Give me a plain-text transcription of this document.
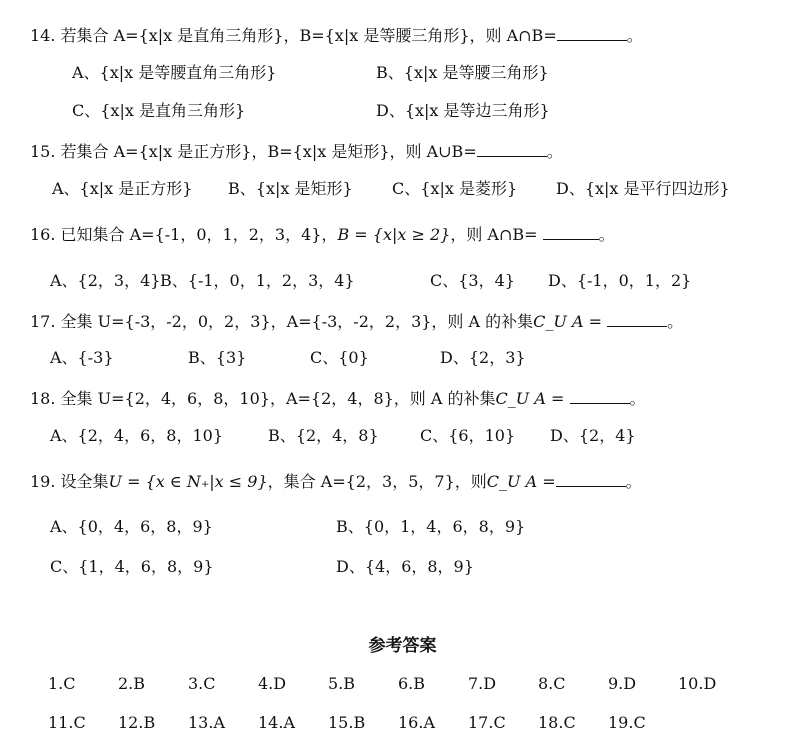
14. 若集合 A={x|x 是直角三角形}，B={x|x 是等腰三角形}，则 A∩B=	。
A、{x|x 是等腰直角三角形}	B、{x|x 是等腰三角形}
C、{x|x 是直角三角形}	D、{x|x 是等边三角形}
15. 若集合 A={x|x 是正方形}，B={x|x 是矩形}，则 A∪B=	。
A、{x|x 是正方形} B、{x|x 是矩形} C、{x|x 是菱形} D、{x|x 是平行四边形}
16. 已知集合 A={-1，0，1，2，3，4}，B = {x|x ≥ 2}，则 A∩B=	。
A、{2，3，4} B、{-1，0，1，2，3，4}	C、{3，4} D、{-1，0，1，2}
17. 全集 U={-3，-2，0，2，3}，A={-3，-2，2，3}，则 A 的补集C_U A =	。
A、{-3}	B、{3}	C、{0}	D、{2，3}
18. 全集 U={2，4，6，8，10}，A={2，4，8}，则 A 的补集C_U A =	。
A、{2，4，6，8，10}	B、{2，4，8}	C、{6，10} D、{2，4}
19. 设全集U = {x ∈ N₊|x ≤ 9}，集合 A={2，3，5，7}，则C_U A =	。
A、{0，4，6，8，9}	B、{0，1，4，6，8，9}
C、{1，4，6，8，9}	D、{4，6，8，9}
参考答案
1.C	2.B	3.C	4.D	5.B	6.B	7.D	8.C	9.D	10.D
11.C 12.B 13.A 14.A 15.B 16.A 17.C 18.C 19.C
